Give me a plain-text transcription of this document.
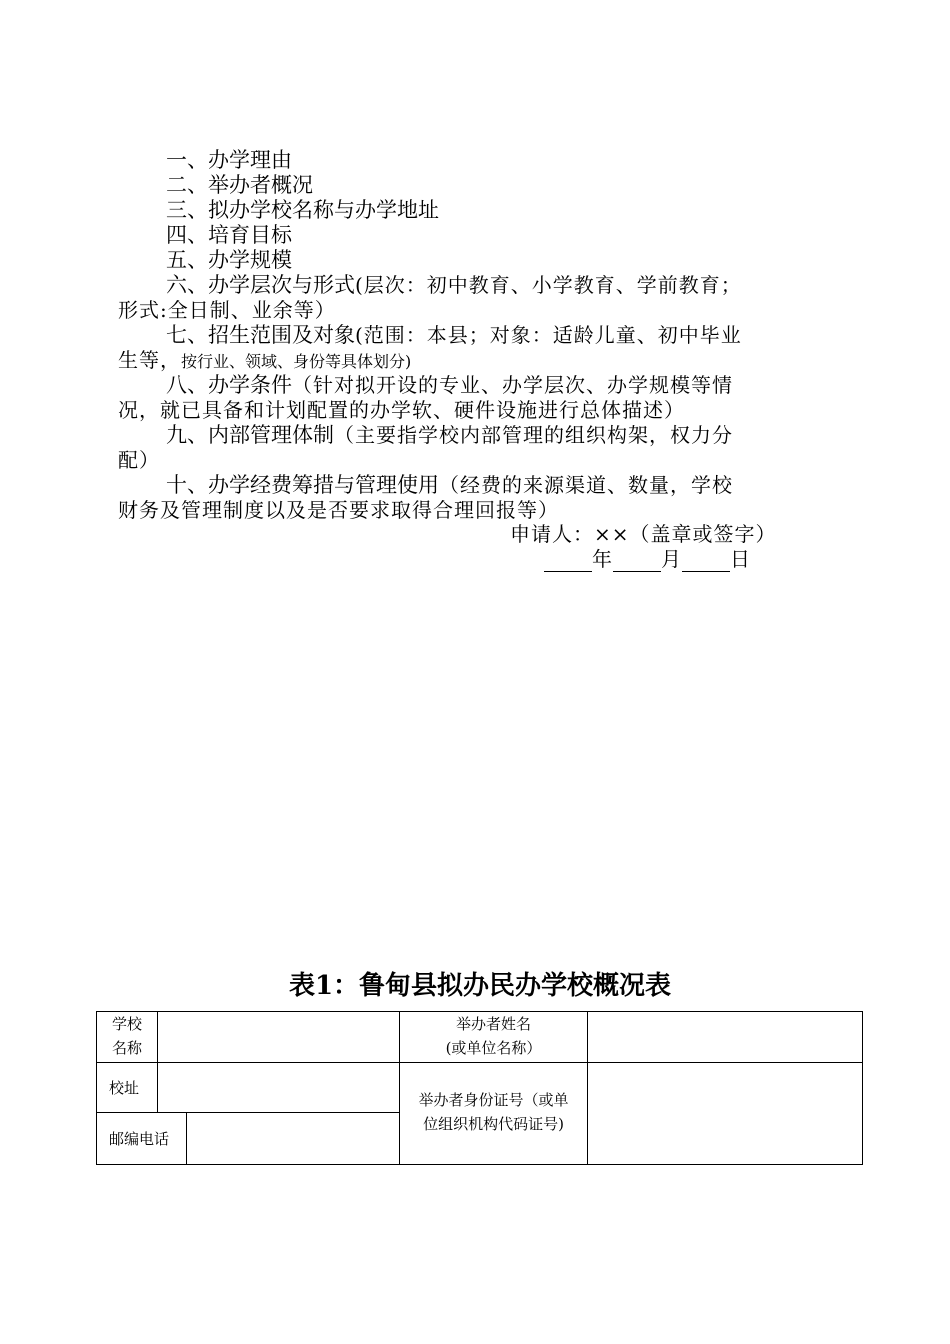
一、办学理由
二、举办者概况
三、拟办学校名称与办学地址
四、培育目标
五、办学规模
六、办学层次与形式(层次：初中教育、小学教育、学前教育；
形式:全日制、业余等）
七、招生范围及对象(范围：本县；对象：适龄儿童、初中毕业
生等，按行业、领域、身份等具体划分)
八、办学条件（针对拟开设的专业、办学层次、办学规模等情
况，就已具备和计划配置的办学软、硬件设施进行总体描述）
九、内部管理体制（主要指学校内部管理的组织构架，权力分
配）
十、办学经费筹措与管理使用（经费的来源渠道、数量，学校
财务及管理制度以及是否要求取得合理回报等）
申请人：××（盖章或签字）
年 月 日
表1：鲁甸县拟办民办学校概况表
学校
名称
举办者姓名
(或单位名称）
校址
邮编电话
举办者身份证号（或单
位组织机构代码证号)
